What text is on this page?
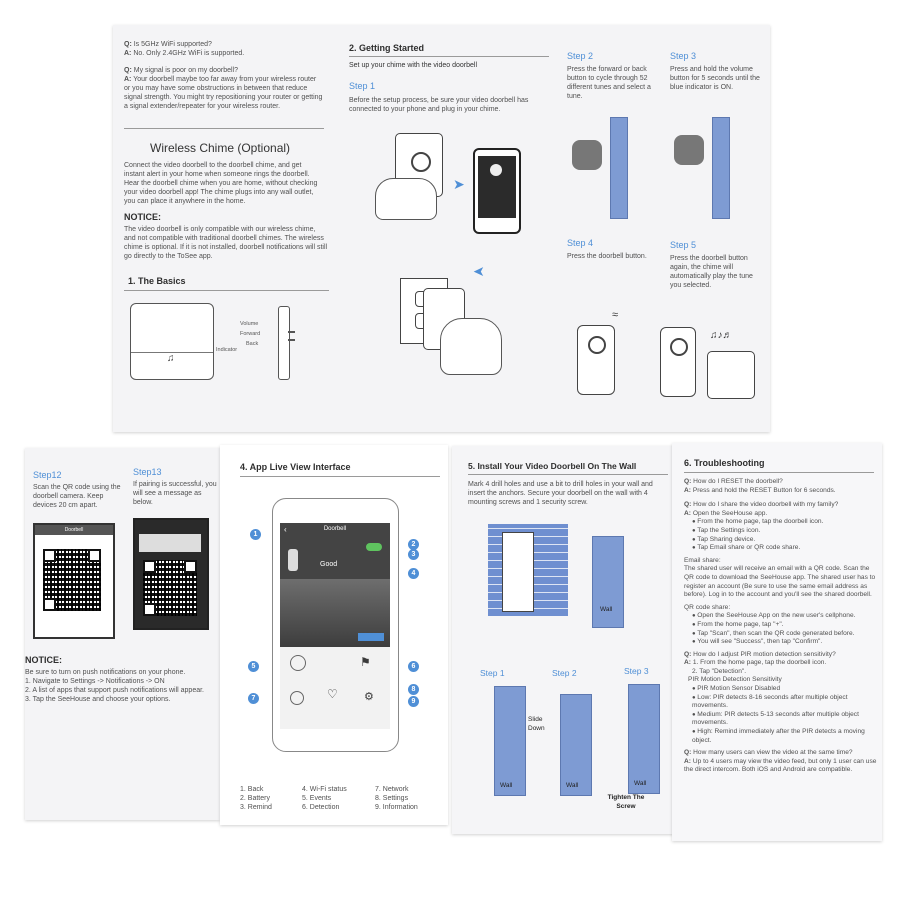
Q: Is 5GHz WiFi supported?
A: No. Only 2.4GHz WiFi is supported.
Q: My signal is poor on my doorbell?
A: Your doorbell maybe too far away from your wireless router or you may have some obstructions in between that reduce signal strength. You might try repositioning your router or getting a signal extender/repeater for your wireless router.
Wireless Chime (Optional)
Connect the video doorbell to the doorbell chime, and get instant alert in your home when someone rings the doorbell. Hear the doorbell chime when you are home, without checking your video doorbell app! The chime plugs into any wall outlet, you can place it anywhere in the home.
NOTICE:
The video doorbell is only compatible with our wireless chime, and not compatible with traditional doorbell chimes. The wireless chime is optional. If it is not installed, doorbell notifications will still go directly to the ToSee app.
1. The Basics
♫
Volume
Forward
Back
Indicator
2. Getting Started
Set up your chime with the video doorbell
Step 1
Before the setup process, be sure your video doorbell has connected to your phone and plug in your chime.
➤
➤
Step 2
Press the forward or back button to cycle through 52 different tunes and select a tune.
Step 3
Press and hold the volume button for 5 seconds until the blue indicator is ON.
Step 4
Press the doorbell button.
Step 5
Press the doorbell button again, the chime will automatically play the tune you selected.
≈
♫♪♬
Step12
Scan the QR code using the doorbell camera. Keep devices 20 cm apart.
Step13
If pairing is successful, you will see a message as below.
Doorbell
NOTICE:
Be sure to turn on push notifications on your phone.
1. Navigate to Settings -> Notifications -> ON
2. A list of apps that support push notifications will appear.
3. Tap the SeeHouse and choose your options.
4. App Live View Interface
‹	Doorbell
Good
⚑
♡ ⚙
1
2
3
4
5	6
7
8
9
1. Back
2. Battery
3. Remind
4. Wi-Fi status
5. Events
6. Detection
7. Network
8. Settings
9. Information
5. Install Your Video Doorbell On The Wall
Mark 4 drill holes and use a bit to drill holes in your wall and insert the anchors. Secure your doorbell on the wall with 4 mounting screws and 1 security screw.
Wall
Step 1	Step 2	Step 3
Wall	Wall
Slide Down
Wall
Tighten The Screw
6. Troubleshooting
Q: How do I RESET the doorbell?
A: Press and hold the RESET Button for 6 seconds.
Q: How do I share the video doorbell with my family?
A: Open the SeeHouse app.
● From the home page, tap the doorbell icon.
● Tap the Settings icon.
● Tap Sharing device.
● Tap Email share or QR code share.
Email share:
The shared user will receive an email with a QR code. Scan the QR code to download the SeeHouse app. The shared user has to register an account (Be sure to use the same email address as before). Log in to the account and you'll see the shared doorbell.
QR code share:
● Open the SeeHouse App on the new user's cellphone.
● From the home page, tap "+".
● Tap "Scan", then scan the QR code generated before.
● You will see "Success", then tap "Confirm".
Q: How do I adjust PIR motion detection sensitivity?
A: 1. From the home page, tap the doorbell icon.
2. Tap "Detection".
PIR Motion Detection Sensitivity
● PIR Motion Sensor Disabled
● Low: PIR detects 8-16 seconds after multiple object movements.
● Medium: PIR detects 5-13 seconds after multiple object movements.
● High: Remind immediately after the PIR detects a moving object.
Q: How many users can view the video at the same time?
A: Up to 4 users may view the video feed, but only 1 user can use the direct intercom. Both iOS and Android are compatible.
